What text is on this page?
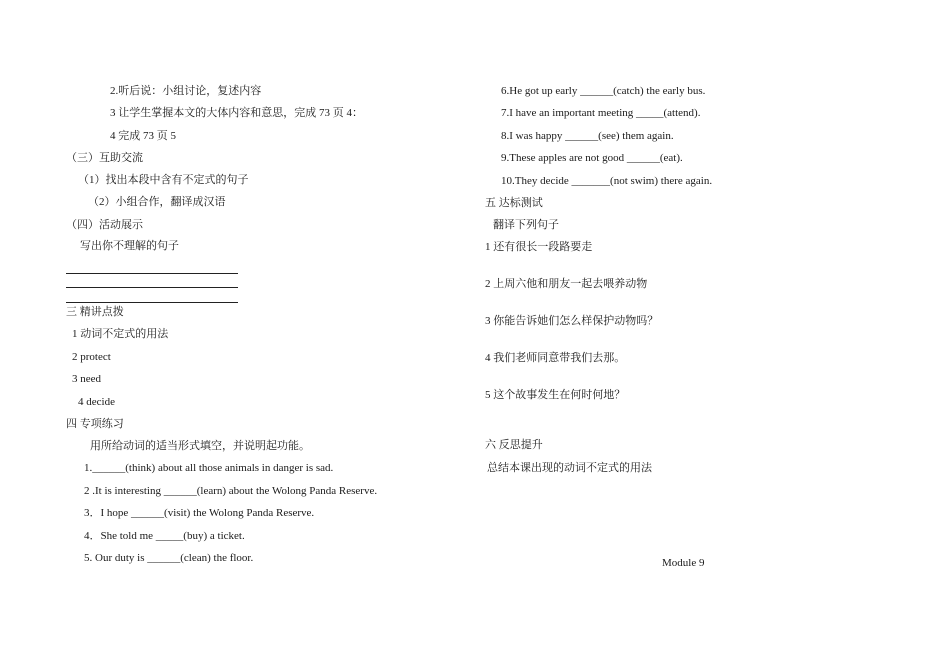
2.听后说：小组讨论，复述内容
3 让学生掌握本文的大体内容和意思，完成 73 页 4：
4 完成 73 页 5
（三）互助交流
（1）找出本段中含有不定式的句子
（2）小组合作，翻译成汉语
（四）活动展示
写出你不理解的句子
三 精讲点拨
1 动词不定式的用法
2 protect
3 need
4 decide
四 专项练习
用所给动词的适当形式填空，并说明起功能。
1.______(think) about all those animals in danger is sad.
2 .It is interesting ______(learn) about the Wolong Panda Reserve.
3．I hope ______(visit) the Wolong Panda Reserve.
4．She told me _____(buy) a ticket.
5. Our duty is ______(clean) the floor.
6.He got up early ______(catch) the early bus.
7.I have an important meeting _____(attend).
8.I was happy ______(see) them again.
9.These apples are not good ______(eat).
10.They decide _______(not swim) there again.
五 达标测试
翻译下列句子
1 还有很长一段路要走
2 上周六他和朋友一起去喂养动物
3 你能告诉她们怎么样保护动物吗？
4 我们老师同意带我们去那。
5 这个故事发生在何时何地？
六 反思提升
总结本课出现的动词不定式的用法
Module 9
